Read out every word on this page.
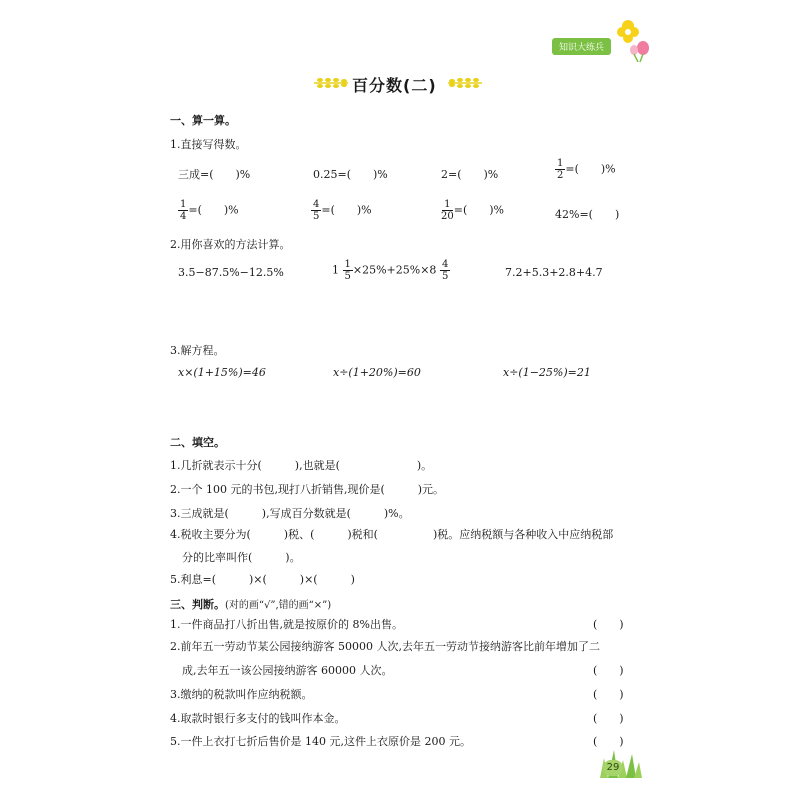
知识大练兵
百分数(二)
一、算一算。
1.直接写得数。
三成=(　　)%	0.25=(　　)%	2=(　　)%	$\frac{1}{2}$ =(　　)%
$\frac{1}{4}$ =(　　)%	$\frac{4}{5}$ =(　　)%	$\frac{1}{20}$ =(　　)%	42%=(　　)
2.用你喜欢的方法计算。
3.5−87.5%−12.5%	$1 \frac{1}{5} \times 25\%+25\%\times 8 \frac{4}{5}$	7.2+5.3+2.8+4.7
3.解方程。
x×(1+15%)=46	x÷(1+20%)=60	x÷(1−25%)=21
二、填空。
1.几折就表示十分(　　　),也就是(　　　　　　　)。
2.一个 100 元的书包,现打八折销售,现价是(　　　)元。
3.三成就是(　　　),写成百分数就是(　　　)%。
4.税收主要分为(　　　)税、(　　　)税和(　　　　　)税。应纳税额与各种收入中应纳税部
分的比率叫作(　　　)。
5.利息=(　　　)×(　　　)×(　　　)
三、判断。(对的画“√”,错的画“×”)
1.一件商品打八折出售,就是按原价的 8%出售。	(　　)
2.前年五一劳动节某公园接纳游客 50000 人次,去年五一劳动节接纳游客比前年增加了二
成,去年五一该公园接纳游客 60000 人次。	(　　)
3.缴纳的税款叫作应纳税额。	(　　)
4.取款时银行多支付的钱叫作本金。	(　　)
5.一件上衣打七折后售价是 140 元,这件上衣原价是 200 元。	(　　)
29
